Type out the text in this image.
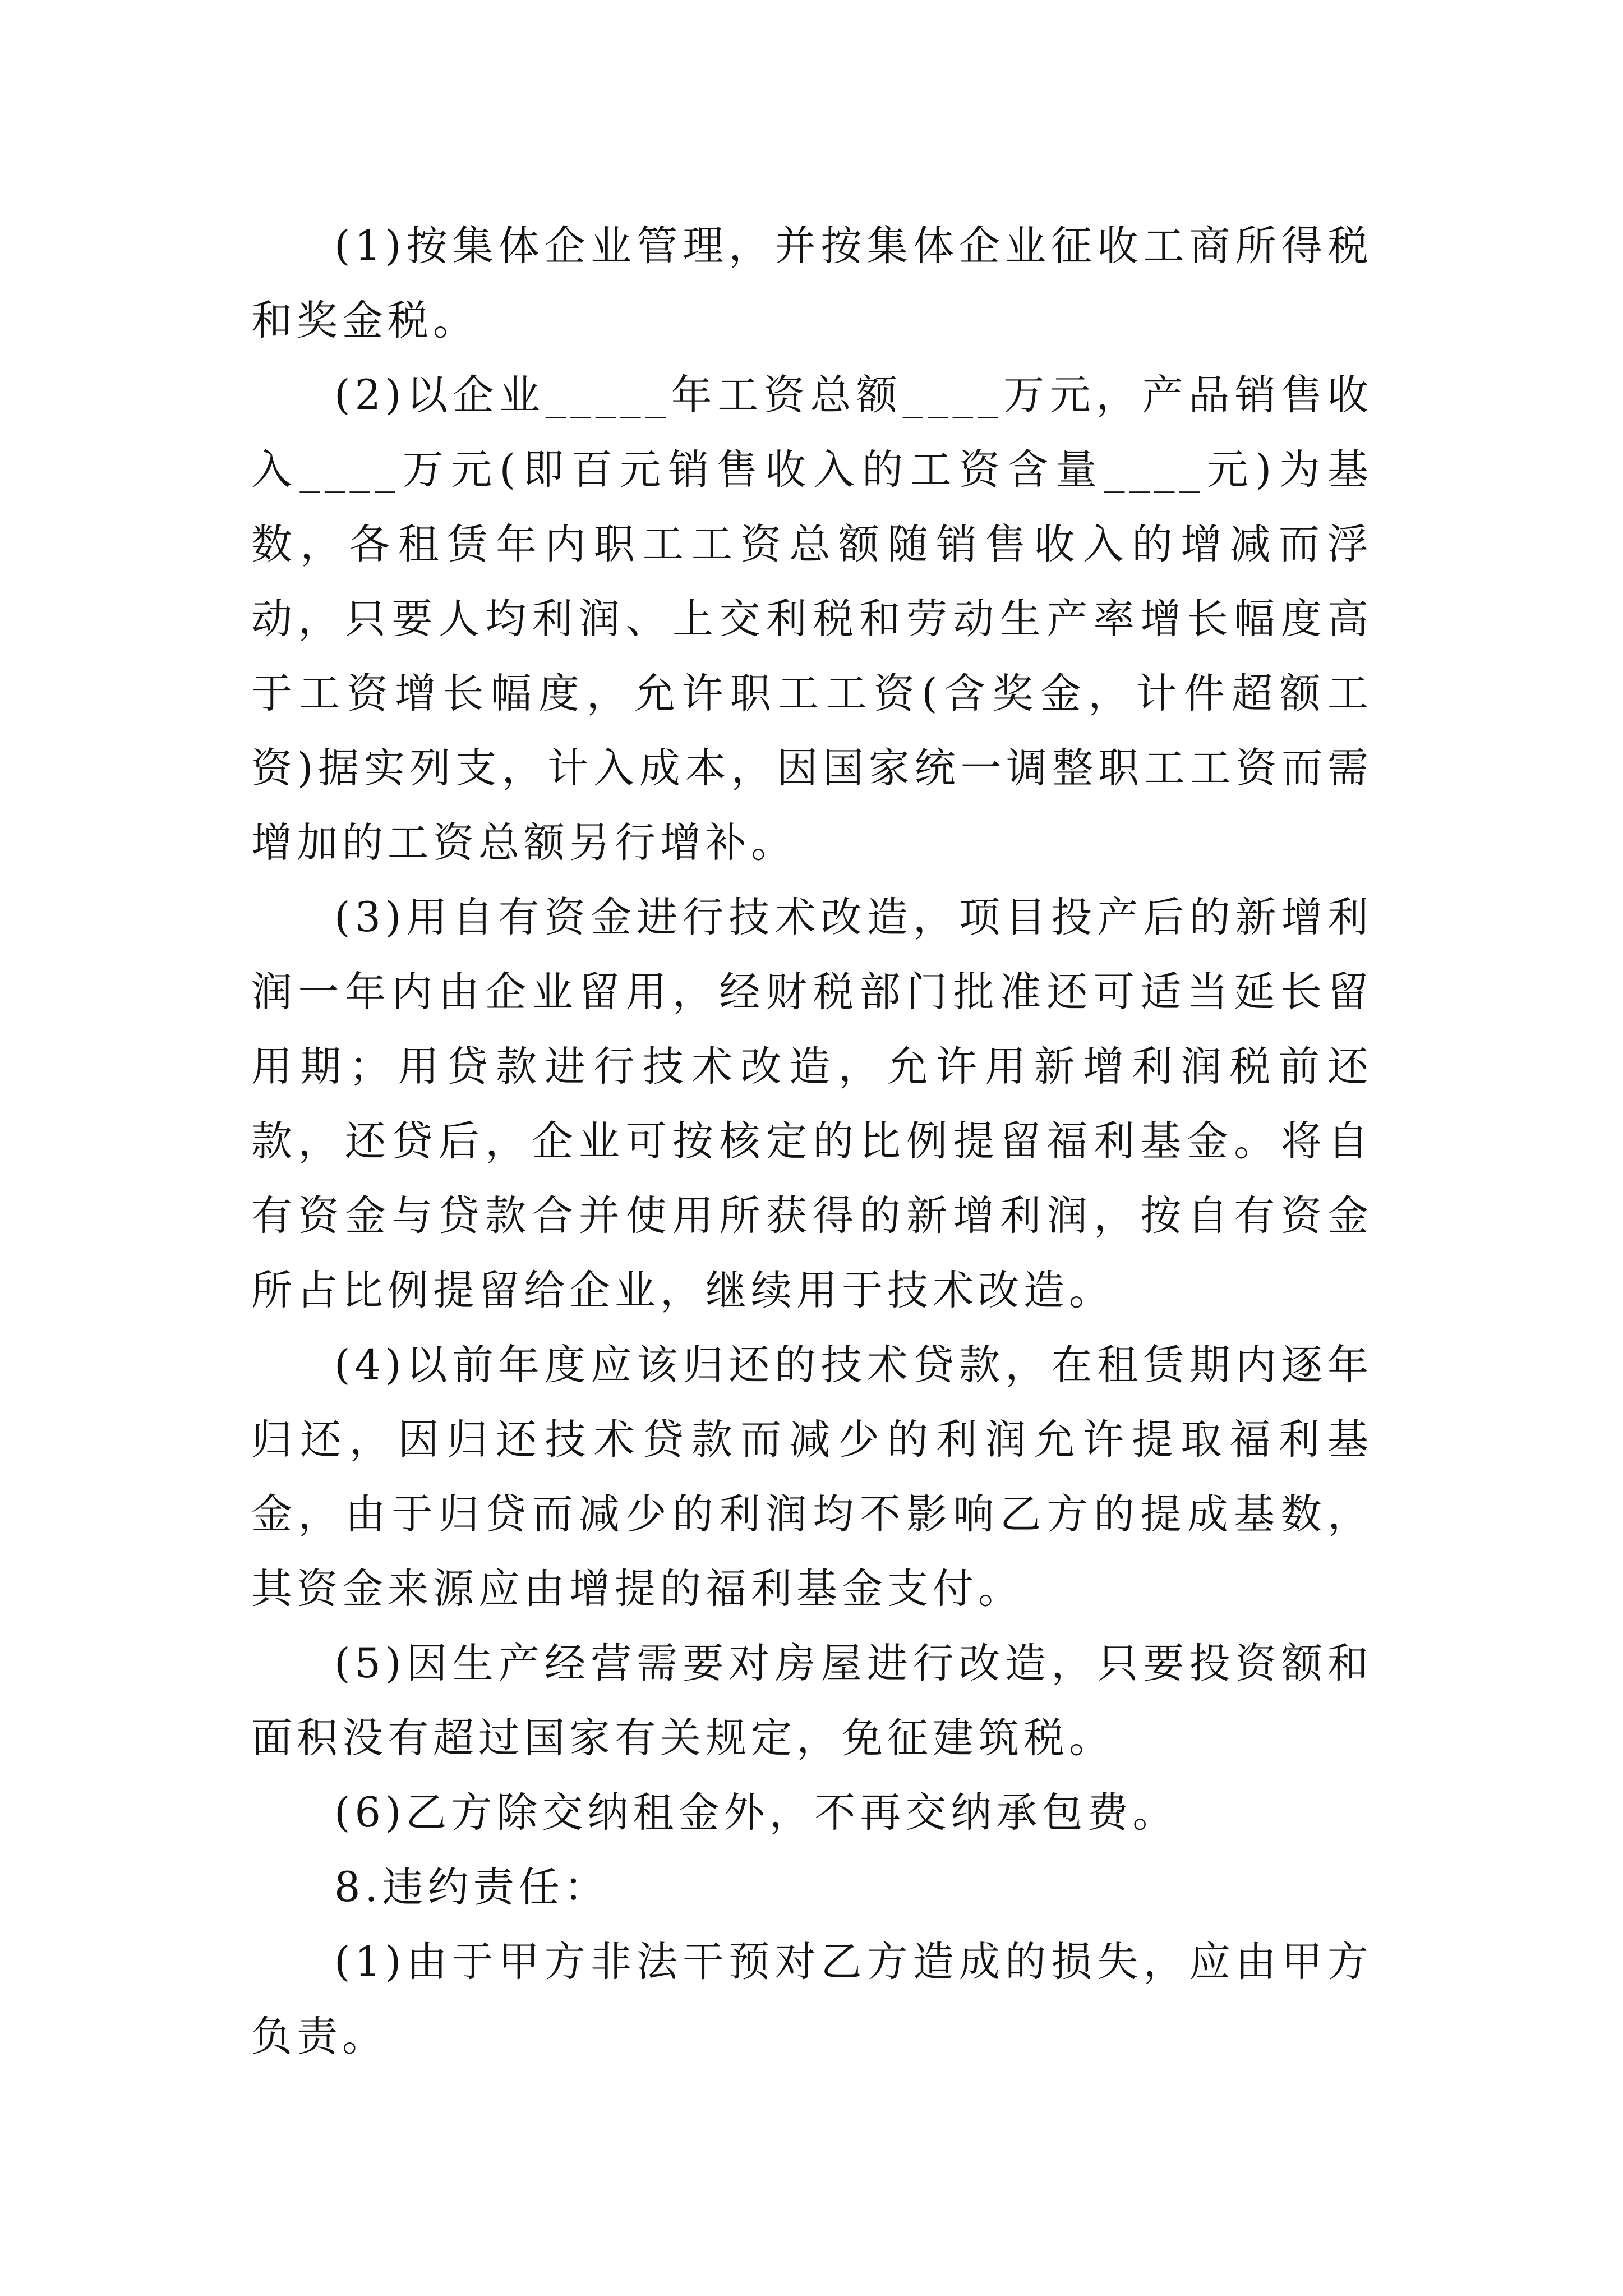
(1)按集体企业管理，并按集体企业征收工商所得税和奖金税。

(2)以企业_____年工资总额____万元，产品销售收入____万元(即百元销售收入的工资含量____元)为基数，各租赁年内职工工资总额随销售收入的增减而浮动，只要人均利润、上交利税和劳动生产率增长幅度高于工资增长幅度，允许职工工资(含奖金，计件超额工资)据实列支，计入成本，因国家统一调整职工工资而需增加的工资总额另行增补。

(3)用自有资金进行技术改造，项目投产后的新增利润一年内由企业留用，经财税部门批准还可适当延长留用期；用贷款进行技术改造，允许用新增利润税前还款，还贷后，企业可按核定的比例提留福利基金。将自有资金与贷款合并使用所获得的新增利润，按自有资金所占比例提留给企业，继续用于技术改造。

(4)以前年度应该归还的技术贷款，在租赁期内逐年归还，因归还技术贷款而减少的利润允许提取福利基金，由于归贷而减少的利润均不影响乙方的提成基数，其资金来源应由增提的福利基金支付。

(5)因生产经营需要对房屋进行改造，只要投资额和面积没有超过国家有关规定，免征建筑税。

(6)乙方除交纳租金外，不再交纳承包费。

8.违约责任：

(1)由于甲方非法干预对乙方造成的损失，应由甲方负责。
